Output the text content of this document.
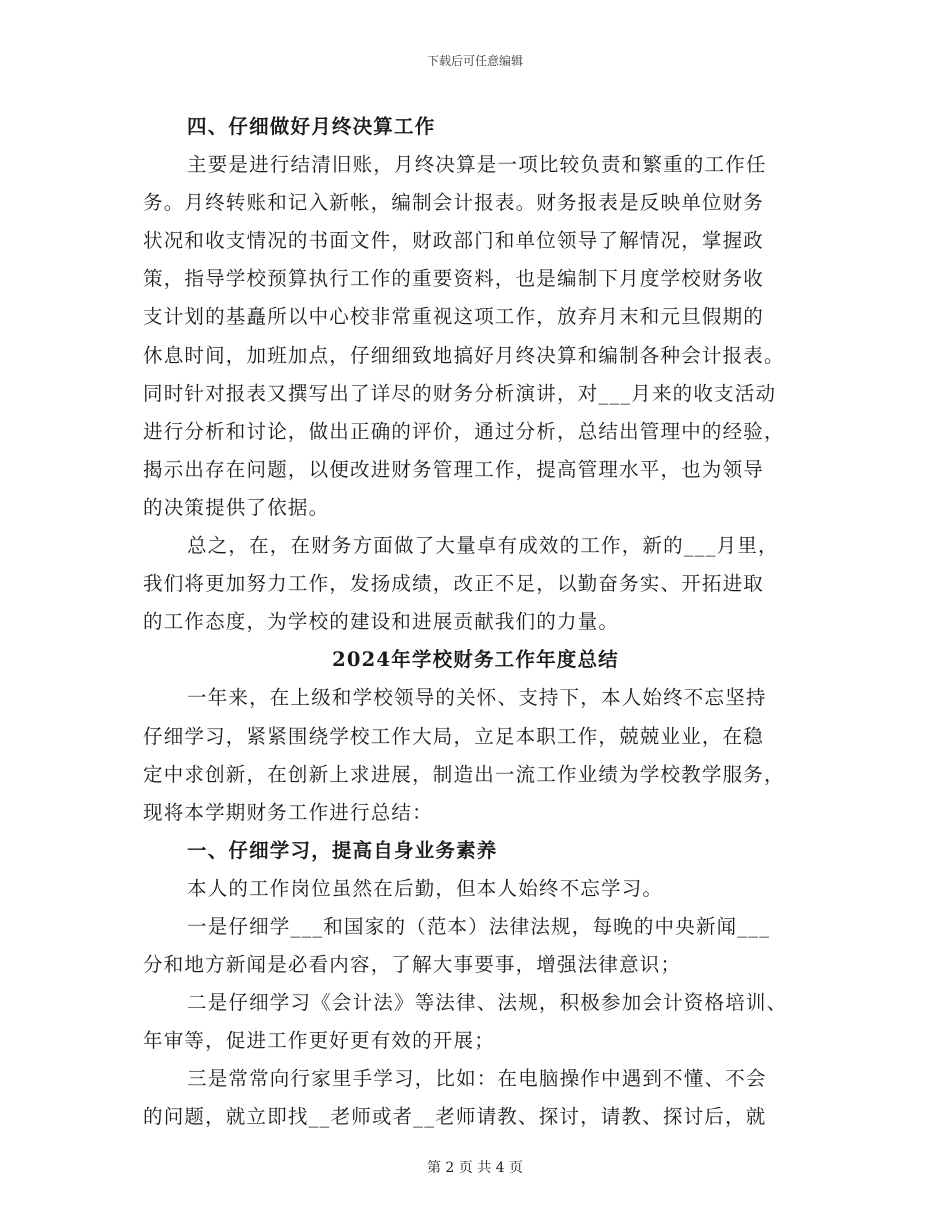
下载后可任意编辑
四、仔细做好月终决算工作
主要是进行结清旧账，月终决算是一项比较负责和繁重的工作任
务。月终转账和记入新帐，编制会计报表。财务报表是反映单位财务
状况和收支情况的书面文件，财政部门和单位领导了解情况，掌握政
策，指导学校预算执行工作的重要资料，也是编制下月度学校财务收
支计划的基矗所以中心校非常重视这项工作，放弃月末和元旦假期的
休息时间，加班加点，仔细细致地搞好月终决算和编制各种会计报表。
同时针对报表又撰写出了详尽的财务分析演讲，对___月来的收支活动
进行分析和讨论，做出正确的评价，通过分析，总结出管理中的经验，
揭示出存在问题，以便改进财务管理工作，提高管理水平，也为领导
的决策提供了依据。
总之，在，在财务方面做了大量卓有成效的工作，新的___月里，
我们将更加努力工作，发扬成绩，改正不足，以勤奋务实、开拓进取
的工作态度，为学校的建设和进展贡献我们的力量。
2024年学校财务工作年度总结
一年来，在上级和学校领导的关怀、支持下，本人始终不忘坚持
仔细学习，紧紧围绕学校工作大局，立足本职工作，兢兢业业，在稳
定中求创新，在创新上求进展，制造出一流工作业绩为学校教学服务，
现将本学期财务工作进行总结：
一、仔细学习，提高自身业务素养
本人的工作岗位虽然在后勤，但本人始终不忘学习。
一是仔细学___和国家的（范本）法律法规，每晚的中央新闻___
分和地方新闻是必看内容，了解大事要事，增强法律意识；
二是仔细学习《会计法》等法律、法规，积极参加会计资格培训、
年审等，促进工作更好更有效的开展；
三是常常向行家里手学习，比如：在电脑操作中遇到不懂、不会
的问题，就立即找__老师或者__老师请教、探讨，请教、探讨后，就
第 2 页 共 4 页
